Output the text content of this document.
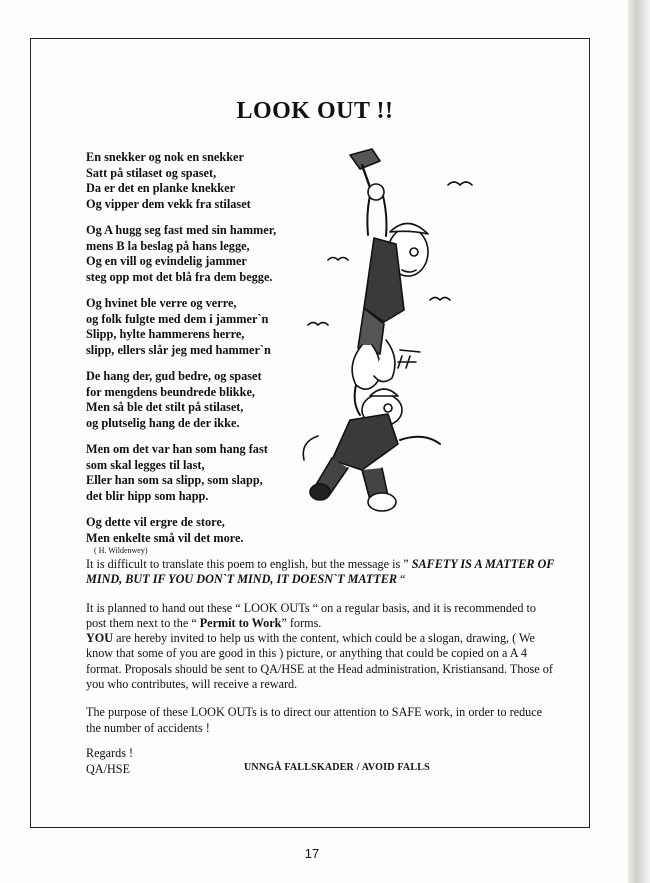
LOOK OUT !!
En snekker og nok en snekker
Satt på stilaset og spaset,
Da er det en planke knekker
Og vipper dem vekk fra stilaset
Og A hugg seg fast med sin hammer,
mens B la beslag på hans legge,
Og en vill og evindelig jammer
steg opp mot det blå fra dem begge.
Og hvinet ble verre og verre,
og folk fulgte med dem i jammer`n
Slipp, hylte hammerens herre,
slipp, ellers slår jeg med hammer`n
De hang der, gud bedre, og spaset
for mengdens beundrede blikke,
Men så ble det stilt på stilaset,
og plutselig hang de der ikke.
Men om det var han som hang fast
som skal legges til last,
Eller han som sa slipp, som slapp,
det blir hipp som happ.
Og dette vil ergre de store,
Men enkelte små vil det more.
( H. Wildenwey)

It is difficult to translate this poem to english, but the message is ” SAFETY IS A MATTER OF MIND, BUT IF YOU DON`T MIND, IT DOESN`T MATTER “

It is planned to hand out these “ LOOK OUTs “ on a regular basis, and it is recommended to post them next to the “ Permit to Work” forms.
YOU are hereby invited to help us with the content, which could be a slogan, drawing, ( We know that some of you are good in this ) picture, or anything that could be copied on a A 4 format. Proposals should be sent to QA/HSE at the Head administration, Kristiansand. Those of you who contributes, will receive a reward.

The purpose of these LOOK OUTs is to direct our attention to SAFE work, in order to reduce the number of accidents !

Regards !
QA/HSE	UNNGÅ FALLSKADER / AVOID FALLS
17
